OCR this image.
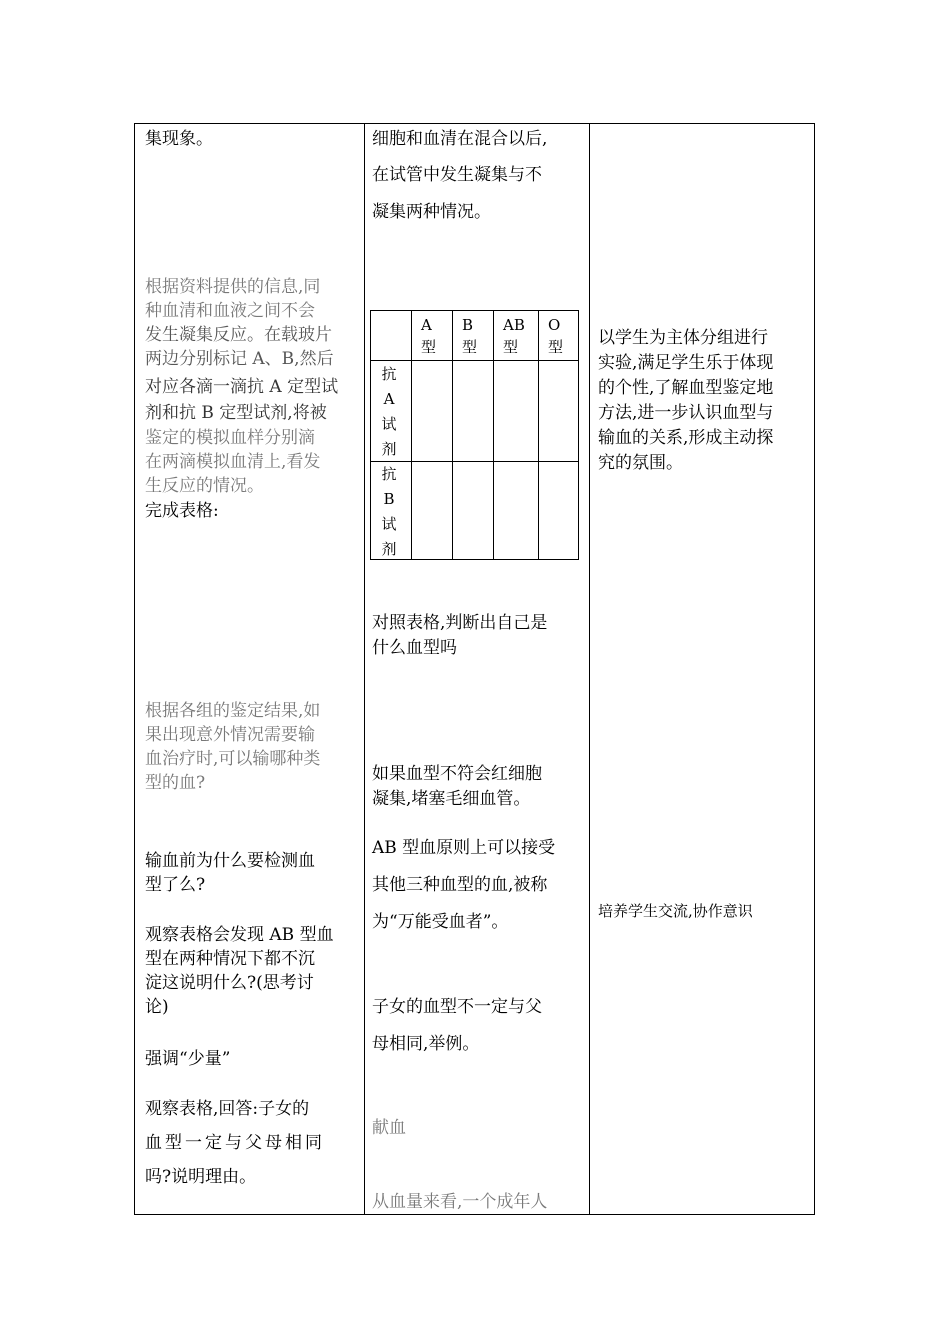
集现象。

根据资料提供的信息,同

种血清和血液之间不会

发生凝集反应。在载玻片

两边分别标记 A、B,然后

对应各滴一滴抗 A 定型试

剂和抗 B 定型试剂,将被

鉴定的模拟血样分别滴

在两滴模拟血清上,看发

生反应的情况。

完成表格:

根据各组的鉴定结果,如

果出现意外情况需要输

血治疗时,可以输哪种类

型的血?

输血前为什么要检测血

型了么?

观察表格会发现 AB 型血

型在两种情况下都不沉

淀这说明什么?(思考讨

论)

强调“少量”

观察表格,回答:子女的

血型一定与父母相同

吗?说明理由。

细胞和血清在混合以后,

在试管中发生凝集与不

凝集两种情况。

A
型
B
型
AB
型
O
型
抗
A
试
剂
抗
B
试
剂

对照表格,判断出自己是

什么血型吗

如果血型不符会红细胞

凝集,堵塞毛细血管。

AB 型血原则上可以接受

其他三种血型的血,被称

为“万能受血者”。

子女的血型不一定与父

母相同,举例。

献血

从血量来看,一个成年人

以学生为主体分组进行

实验,满足学生乐于体现

的个性,了解血型鉴定地

方法,进一步认识血型与

输血的关系,形成主动探

究的氛围。

培养学生交流,协作意识
